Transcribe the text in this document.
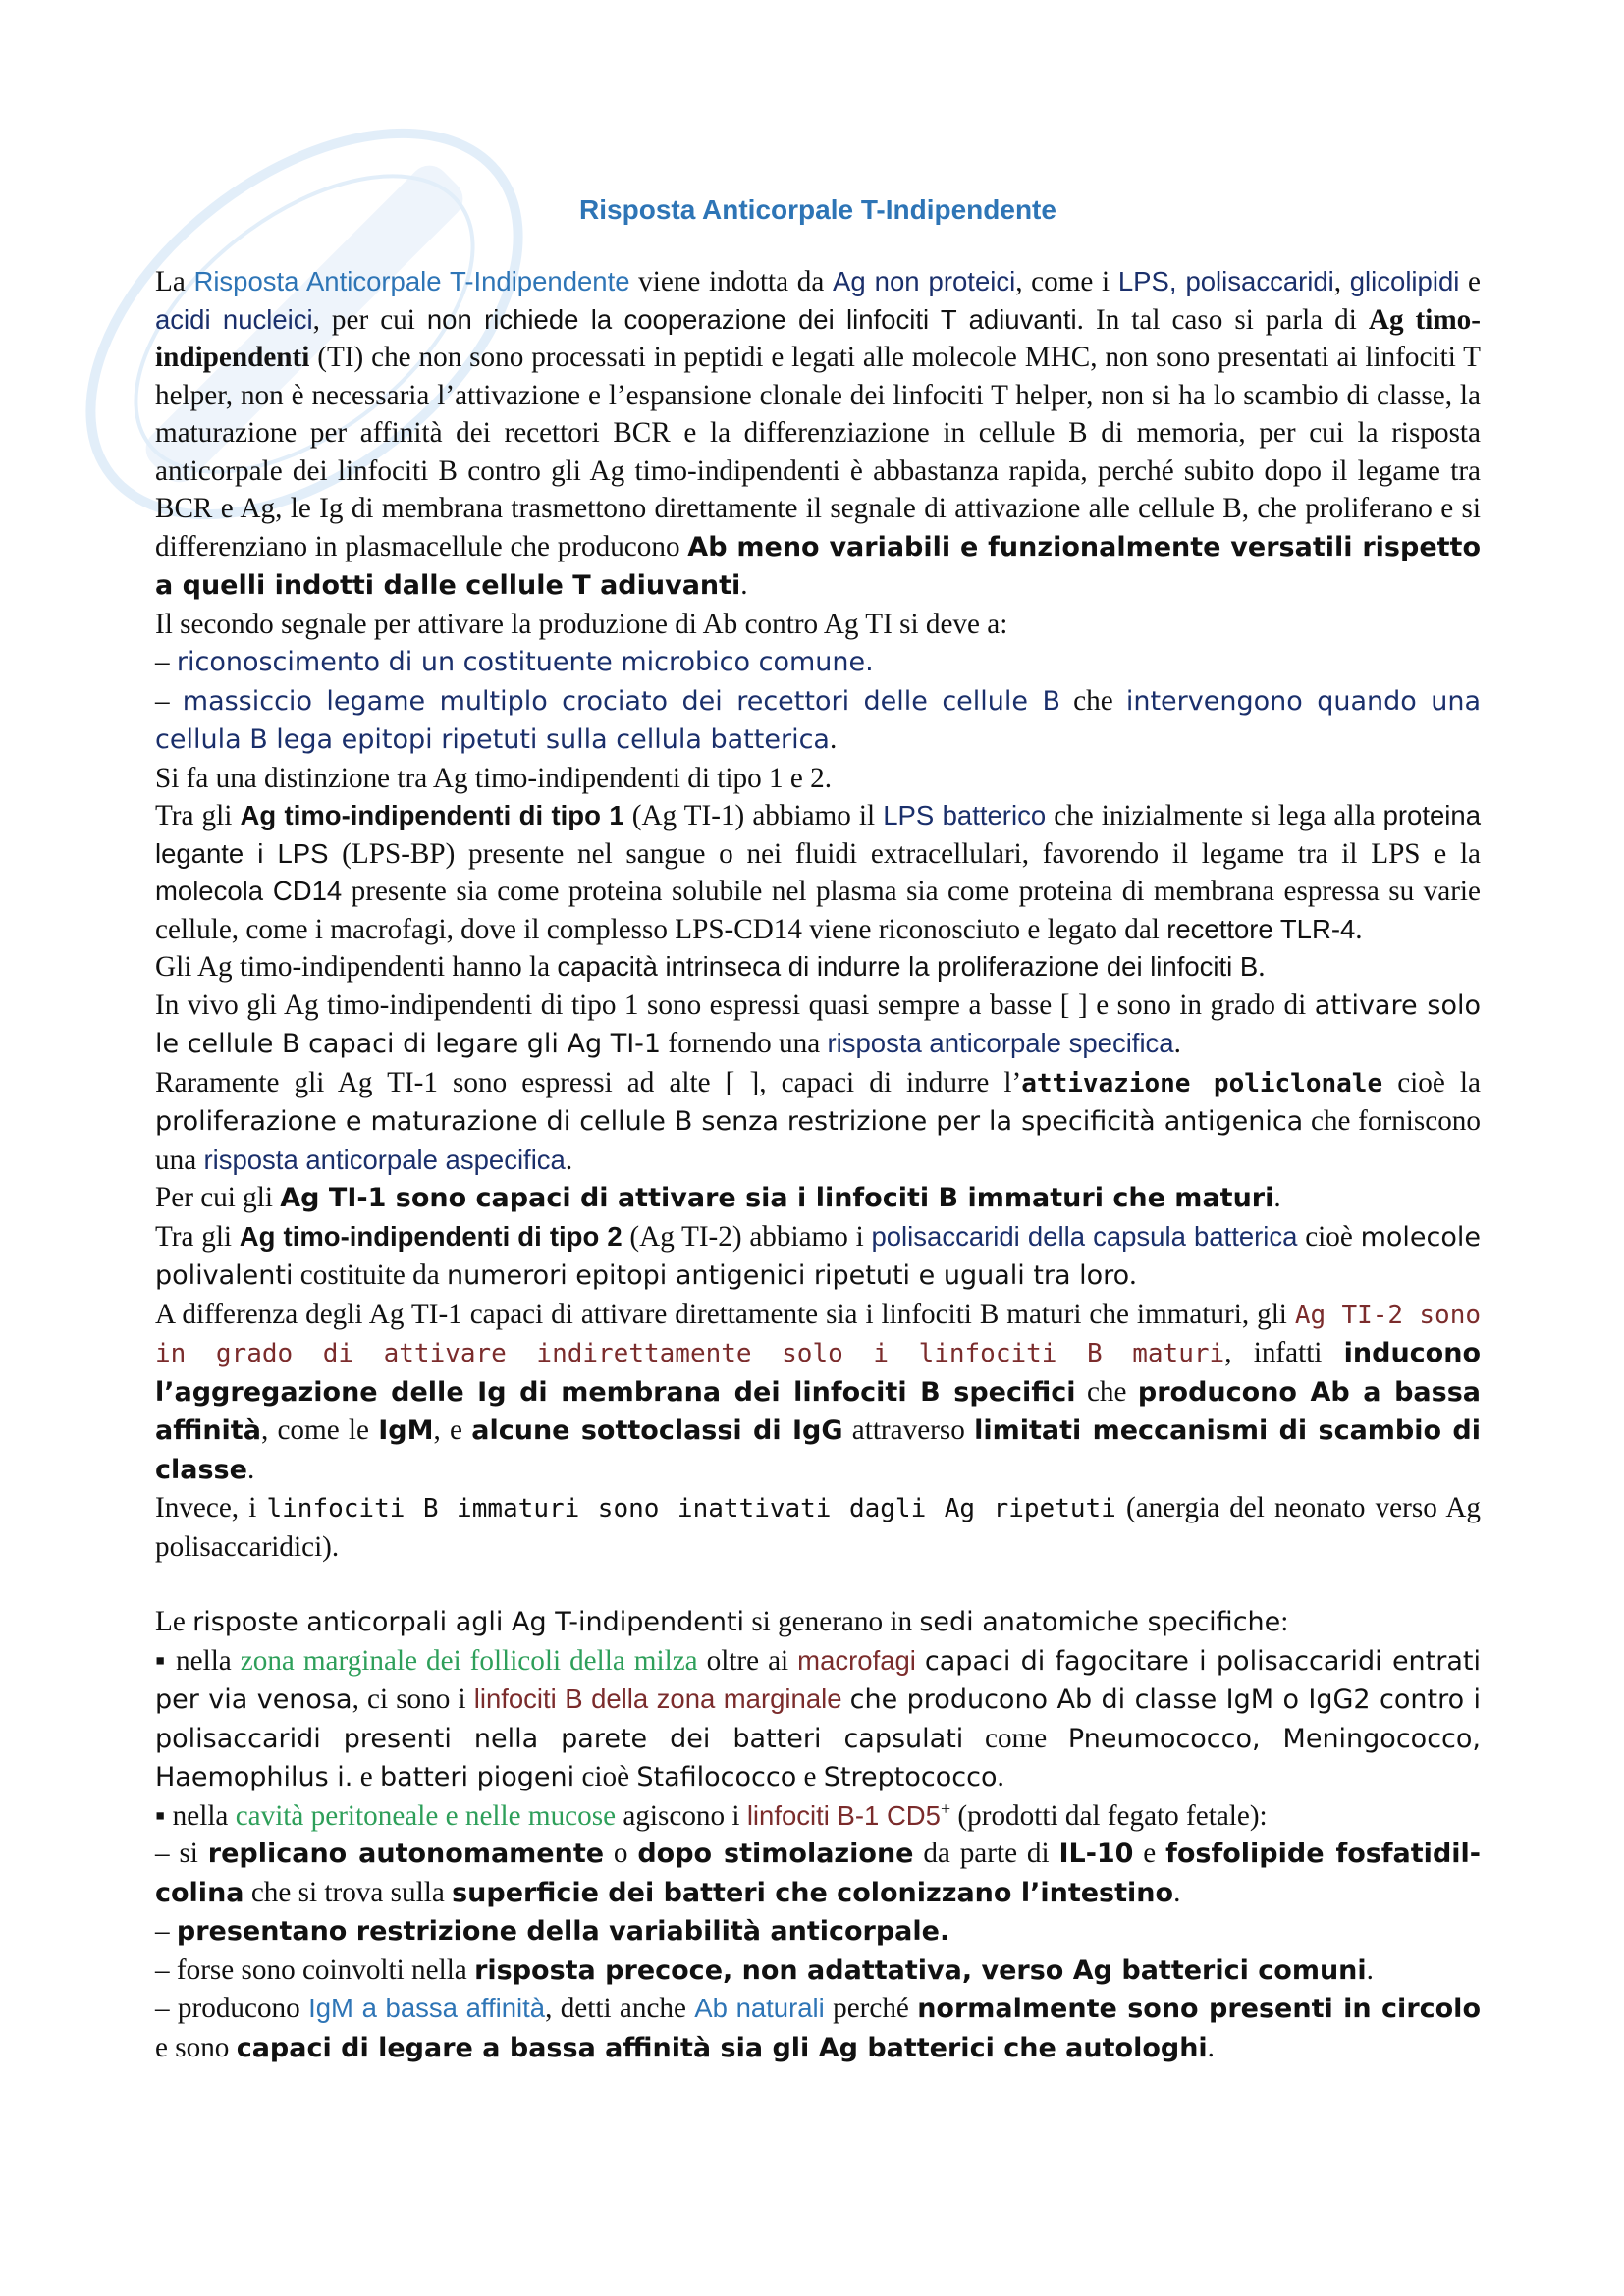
Risposta Anticorpale T-Indipendente

La Risposta Anticorpale T-Indipendente viene indotta da Ag non proteici, come i LPS, polisaccaridi, glicolipidi e acidi nucleici, per cui non richiede la cooperazione dei linfociti T adiuvanti. In tal caso si parla di Ag timo-indipendenti (TI) che non sono processati in peptidi e legati alle molecole MHC, non sono presentati ai linfociti T helper, non è necessaria l’attivazione e l’espansione clonale dei linfociti T helper, non si ha lo scambio di classe, la maturazione per affinità dei recettori BCR e la differenziazione in cellule B di memoria, per cui la risposta anticorpale dei linfociti B contro gli Ag timo-indipendenti è abbastanza rapida, perché subito dopo il legame tra BCR e Ag, le Ig di membrana trasmettono direttamente il segnale di attivazione alle cellule B, che proliferano e si differenziano in plasmacellule che producono Ab meno variabili e funzionalmente versatili rispetto a quelli indotti dalle cellule T adiuvanti.

Il secondo segnale per attivare la produzione di Ab contro Ag TI si deve a:

– riconoscimento di un costituente microbico comune.

– massiccio legame multiplo crociato dei recettori delle cellule B che intervengono quando una cellula B lega epitopi ripetuti sulla cellula batterica.

Si fa una distinzione tra Ag timo-indipendenti di tipo 1 e 2.

Tra gli Ag timo-indipendenti di tipo 1 (Ag TI-1) abbiamo il LPS batterico che inizialmente si lega alla proteina legante i LPS (LPS-BP) presente nel sangue o nei fluidi extracellulari, favorendo il legame tra il LPS e la molecola CD14 presente sia come proteina solubile nel plasma sia come proteina di membrana espressa su varie cellule, come i macrofagi, dove il complesso LPS-CD14 viene riconosciuto e legato dal recettore TLR-4.

Gli Ag timo-indipendenti hanno la capacità intrinseca di indurre la proliferazione dei linfociti B.

In vivo gli Ag timo-indipendenti di tipo 1 sono espressi quasi sempre a basse [ ] e sono in grado di attivare solo le cellule B capaci di legare gli Ag TI-1 fornendo una risposta anticorpale specifica.

Raramente gli Ag TI-1 sono espressi ad alte [ ], capaci di indurre l’attivazione policlonale cioè la proliferazione e maturazione di cellule B senza restrizione per la specificità antigenica che forniscono una risposta anticorpale aspecifica.

Per cui gli Ag TI-1 sono capaci di attivare sia i linfociti B immaturi che maturi.

Tra gli Ag timo-indipendenti di tipo 2 (Ag TI-2) abbiamo i polisaccaridi della capsula batterica cioè molecole polivalenti costituite da numerori epitopi antigenici ripetuti e uguali tra loro.

A differenza degli Ag TI-1 capaci di attivare direttamente sia i linfociti B maturi che immaturi, gli Ag TI-2 sono in grado di attivare indirettamente solo i linfociti B maturi, infatti inducono l’aggregazione delle Ig di membrana dei linfociti B specifici che producono Ab a bassa affinità, come le IgM, e alcune sottoclassi di IgG attraverso limitati meccanismi di scambio di classe.

Invece, i linfociti B immaturi sono inattivati dagli Ag ripetuti (anergia del neonato verso Ag polisaccaridici).

Le risposte anticorpali agli Ag T-indipendenti si generano in sedi anatomiche specifiche:

▪ nella zona marginale dei follicoli della milza oltre ai macrofagi capaci di fagocitare i polisaccaridi entrati per via venosa, ci sono i linfociti B della zona marginale che producono Ab di classe IgM o IgG2 contro i polisaccaridi presenti nella parete dei batteri capsulati come Pneumococco, Meningococco, Haemophilus i. e batteri piogeni cioè Stafilococco e Streptococco.

▪ nella cavità peritoneale e nelle mucose agiscono i linfociti B-1 CD5+ (prodotti dal fegato fetale):

– si replicano autonomamente o dopo stimolazione da parte di IL-10 e fosfolipide fosfatidil-colina che si trova sulla superficie dei batteri che colonizzano l’intestino.

– presentano restrizione della variabilità anticorpale.

– forse sono coinvolti nella risposta precoce, non adattativa, verso Ag batterici comuni.

– producono IgM a bassa affinità, detti anche Ab naturali perché normalmente sono presenti in circolo e sono capaci di legare a bassa affinità sia gli Ag batterici che autologhi.
